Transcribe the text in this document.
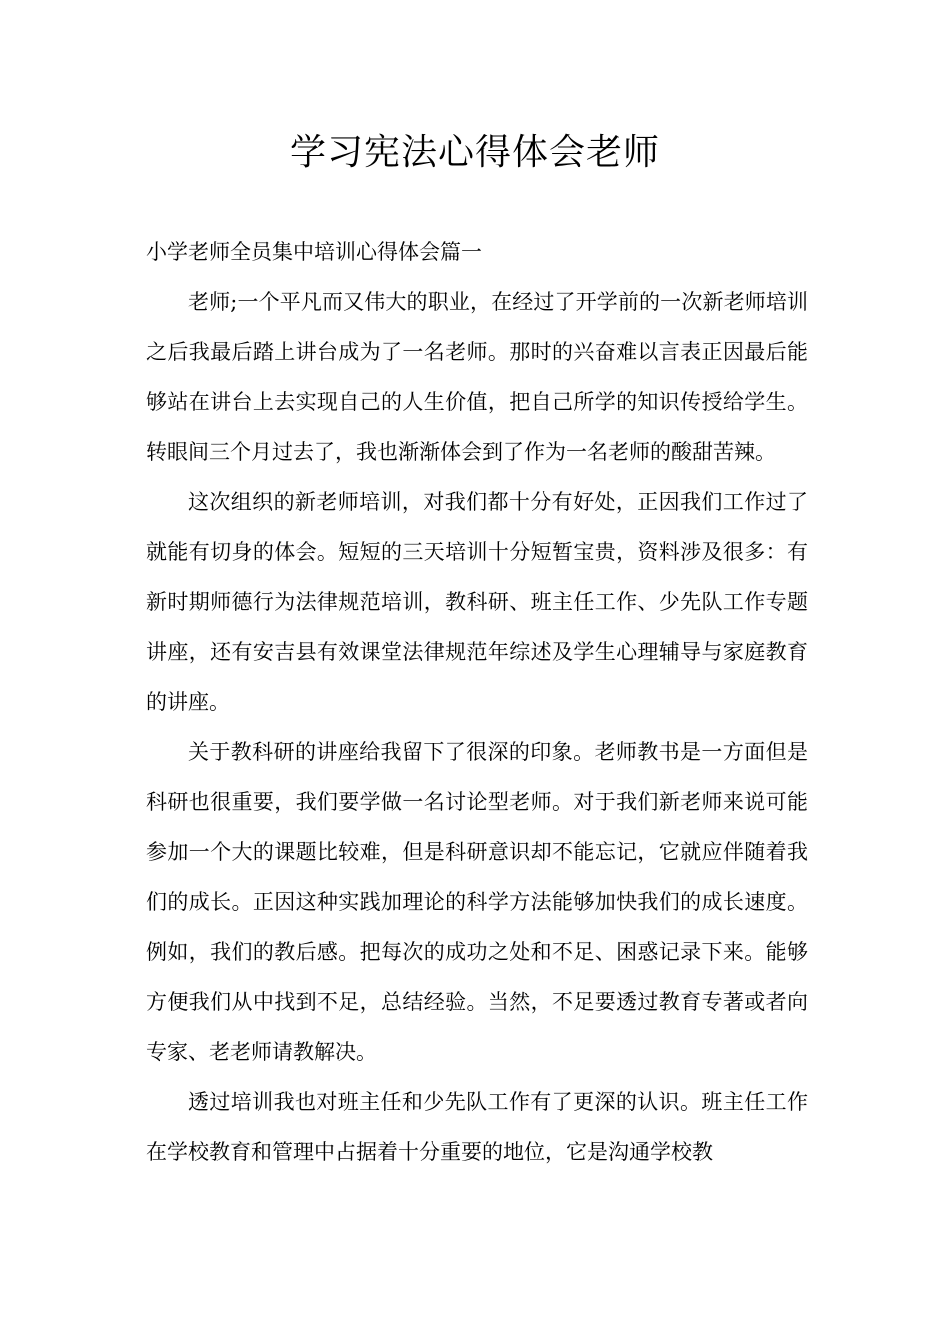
学习宪法心得体会老师

小学老师全员集中培训心得体会篇一

老师;一个平凡而又伟大的职业，在经过了开学前的一次新老师培训之后我最后踏上讲台成为了一名老师。那时的兴奋难以言表正因最后能够站在讲台上去实现自己的人生价值，把自己所学的知识传授给学生。转眼间三个月过去了，我也渐渐体会到了作为一名老师的酸甜苦辣。

这次组织的新老师培训，对我们都十分有好处，正因我们工作过了就能有切身的体会。短短的三天培训十分短暂宝贵，资料涉及很多：有新时期师德行为法律规范培训，教科研、班主任工作、少先队工作专题讲座，还有安吉县有效课堂法律规范年综述及学生心理辅导与家庭教育的讲座。

关于教科研的讲座给我留下了很深的印象。老师教书是一方面但是科研也很重要，我们要学做一名讨论型老师。对于我们新老师来说可能参加一个大的课题比较难，但是科研意识却不能忘记，它就应伴随着我们的成长。正因这种实践加理论的科学方法能够加快我们的成长速度。例如，我们的教后感。把每次的成功之处和不足、困惑记录下来。能够方便我们从中找到不足，总结经验。当然，不足要透过教育专著或者向专家、老老师请教解决。

透过培训我也对班主任和少先队工作有了更深的认识。班主任工作在学校教育和管理中占据着十分重要的地位，它是沟通学校教
